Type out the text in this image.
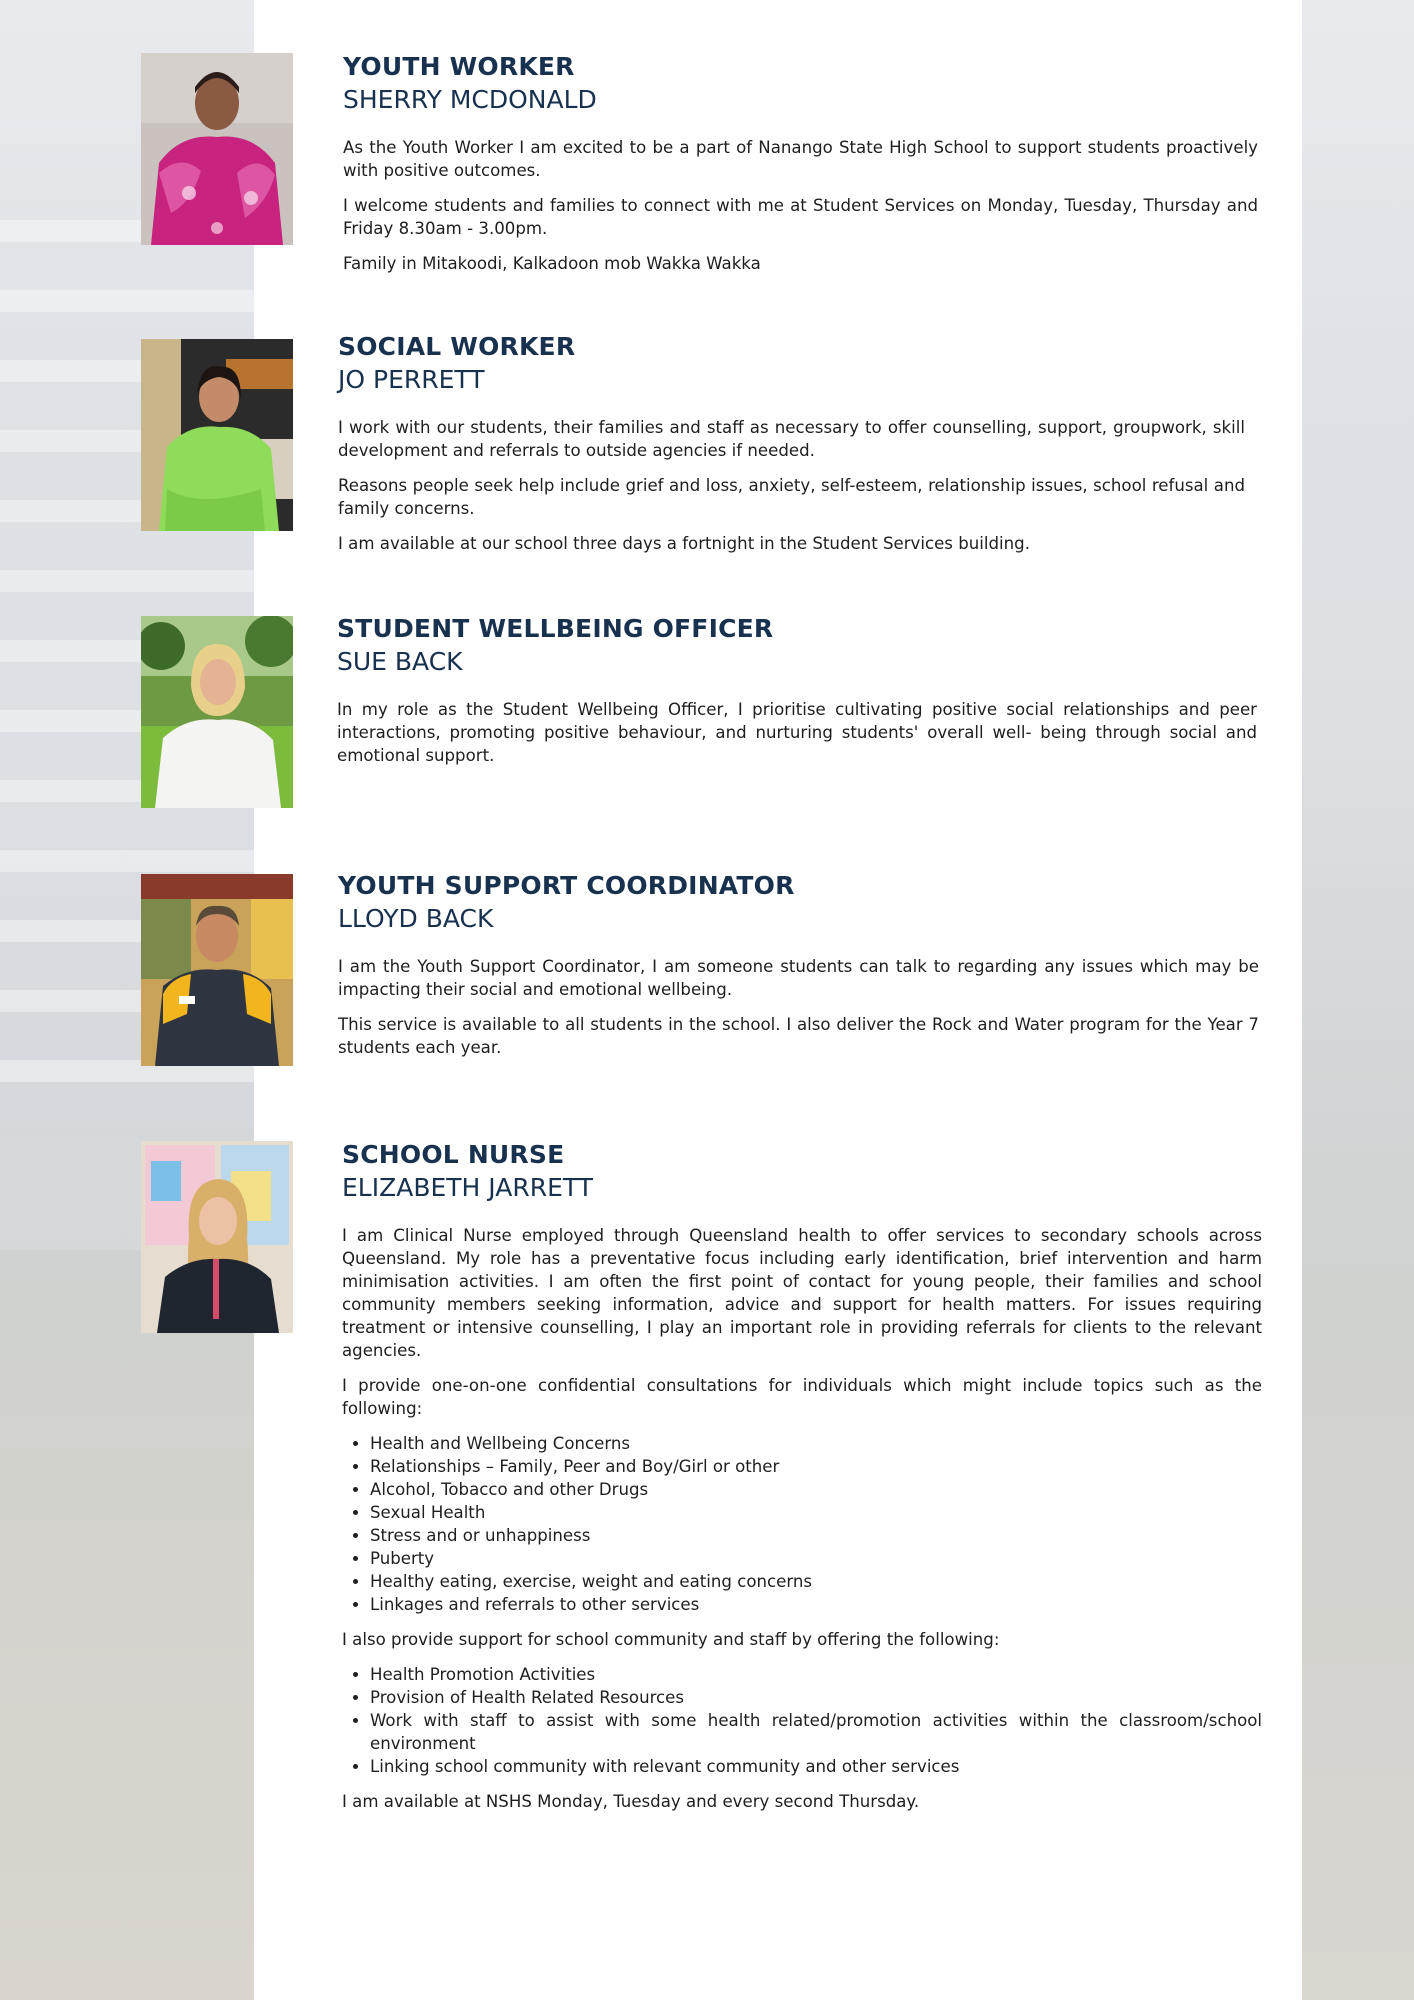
YOUTH WORKER
SHERRY MCDONALD

As the Youth Worker I am excited to be a part of Nanango State High School to support students proactively with positive outcomes.

I welcome students and families to connect with me at Student Services on Monday, Tuesday, Thursday and Friday 8.30am - 3.00pm.

Family in Mitakoodi, Kalkadoon mob Wakka Wakka

SOCIAL WORKER
JO PERRETT

I work with our students, their families and staff as necessary to offer counselling, support, groupwork, skill development and referrals to outside agencies if needed.

Reasons people seek help include grief and loss, anxiety, self-esteem, relationship issues, school refusal and family concerns.

I am available at our school three days a fortnight in the Student Services building.

STUDENT WELLBEING OFFICER
SUE BACK

In my role as the Student Wellbeing Officer, I prioritise cultivating positive social relationships and peer interactions, promoting positive behaviour, and nurturing students' overall well- being through social and emotional support.

YOUTH SUPPORT COORDINATOR
LLOYD BACK

I am the Youth Support Coordinator, I am someone students can talk to regarding any issues which may be impacting their social and emotional wellbeing.

This service is available to all students in the school. I also deliver the Rock and Water program for the Year 7 students each year.

SCHOOL NURSE
ELIZABETH JARRETT

I am Clinical Nurse employed through Queensland health to offer services to secondary schools across Queensland. My role has a preventative focus including early identification, brief intervention and harm minimisation activities. I am often the first point of contact for young people, their families and school community members seeking information, advice and support for health matters. For issues requiring treatment or intensive counselling, I play an important role in providing referrals for clients to the relevant agencies.

I provide one-on-one confidential consultations for individuals which might include topics such as the following:

• Health and Wellbeing Concerns
• Relationships – Family, Peer and Boy/Girl or other
• Alcohol, Tobacco and other Drugs
• Sexual Health
• Stress and or unhappiness
• Puberty
• Healthy eating, exercise, weight and eating concerns
• Linkages and referrals to other services

I also provide support for school community and staff by offering the following:

• Health Promotion Activities
• Provision of Health Related Resources
• Work with staff to assist with some health related/promotion activities within the classroom/school environment
• Linking school community with relevant community and other services

I am available at NSHS Monday, Tuesday and every second Thursday.
